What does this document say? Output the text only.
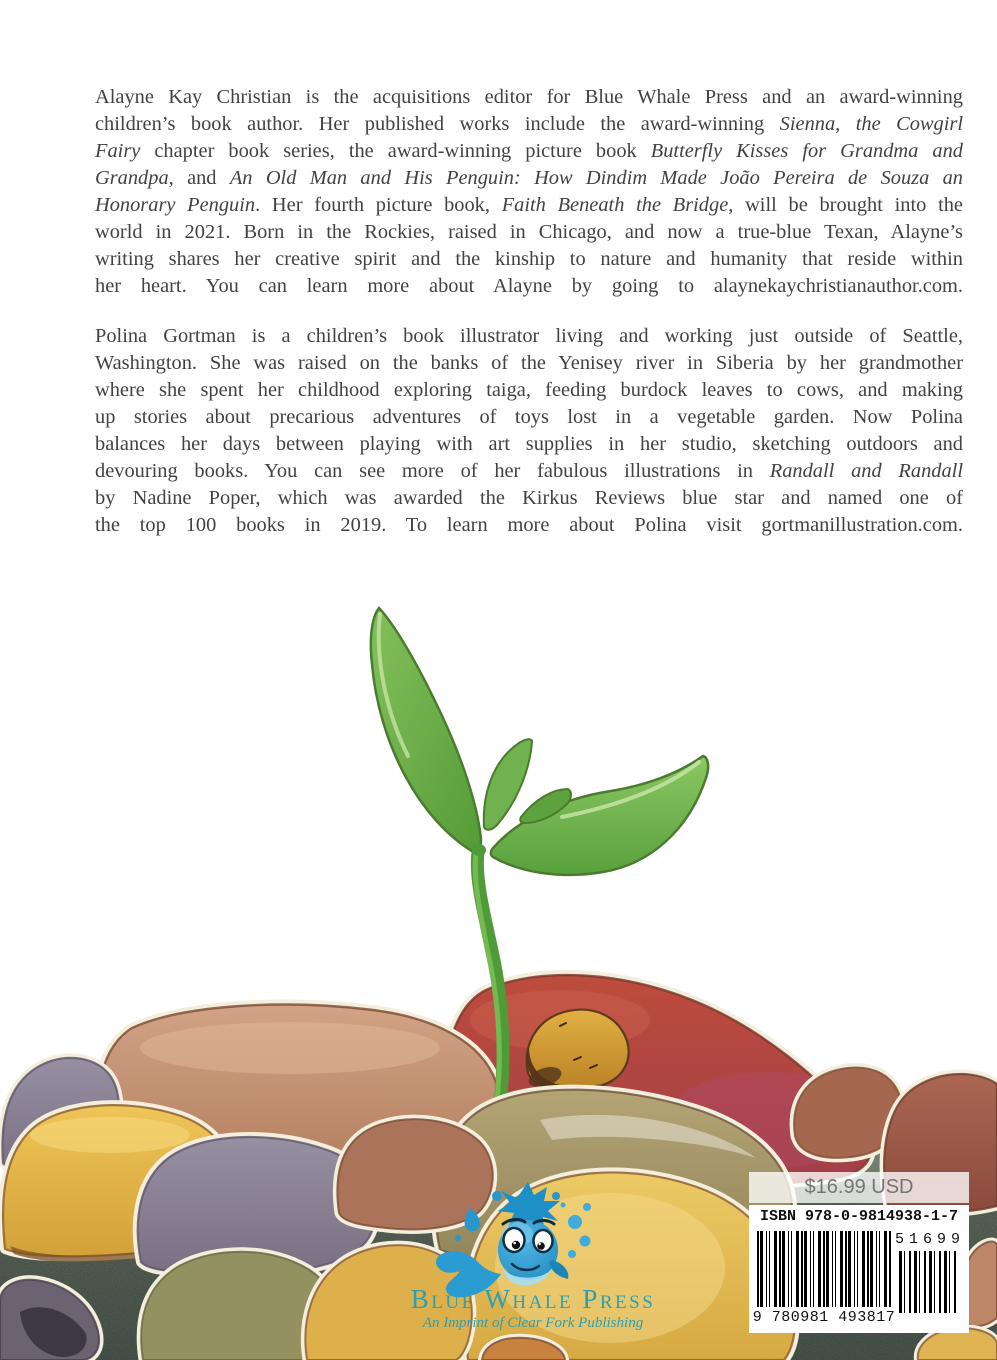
Alayne Kay Christian is the acquisitions editor for Blue Whale Press and an award-winning
children’s book author. Her published works include the award-winning Sienna, the Cowgirl
Fairy chapter book series, the award-winning picture book Butterfly Kisses for Grandma and
Grandpa, and An Old Man and His Penguin: How Dindim Made João Pereira de Souza an
Honorary Penguin. Her fourth picture book, Faith Beneath the Bridge, will be brought into the
world in 2021. Born in the Rockies, raised in Chicago, and now a true-blue Texan, Alayne’s
writing shares her creative spirit and the kinship to nature and humanity that reside within
her heart. You can learn more about Alayne by going to alaynekaychristianauthor.com.
Polina Gortman is a children’s book illustrator living and working just outside of Seattle,
Washington. She was raised on the banks of the Yenisey river in Siberia by her grandmother
where she spent her childhood exploring taiga, feeding burdock leaves to cows, and making
up stories about precarious adventures of toys lost in a vegetable garden. Now Polina
balances her days between playing with art supplies in her studio, sketching outdoors and
devouring books. You can see more of her fabulous illustrations in Randall and Randall
by Nadine Poper, which was awarded the Kirkus Reviews blue star and named one of
the top 100 books in 2019. To learn more about Polina visit gortmanillustration.com.
Blue Whale Press
An Imprint of Clear Fork Publishing
$16.99 USD
ISBN 978-0-9814938-1-7
51699
9 780981 493817
